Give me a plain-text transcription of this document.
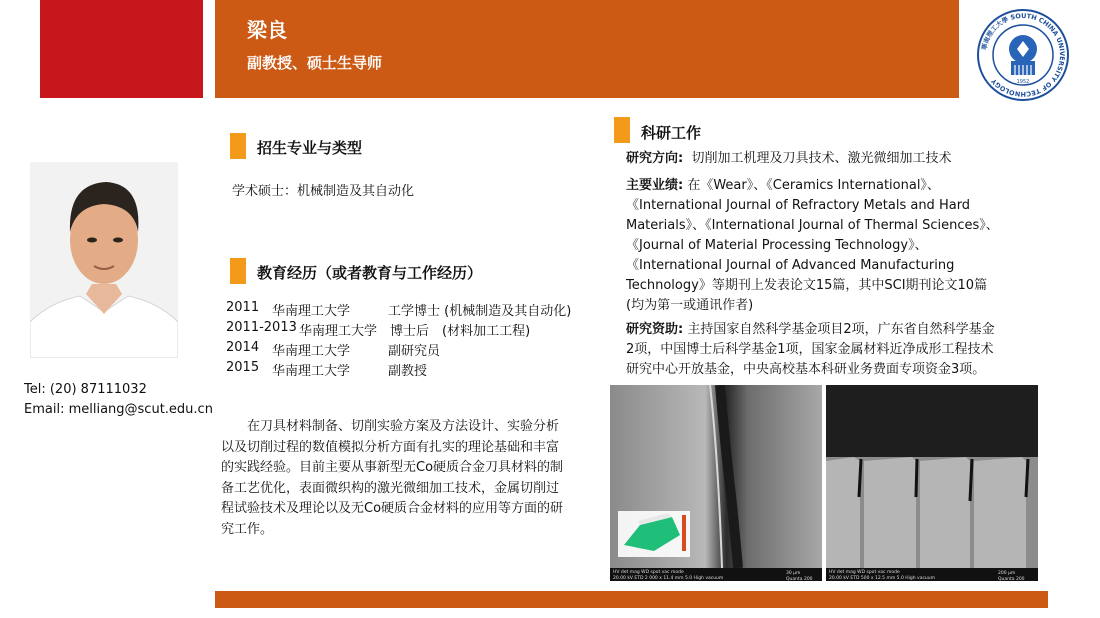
梁良
副教授、硕士生导师
華南理工大學 SOUTH CHINA UNIVERSITY OF TECHNOLOGY	1952
Tel: (20) 87111032
Email: melliang@scut.edu.cn
招生专业与类型
学术硕士：机械制造及其自动化
教育经历（或者教育与工作经历）
2011 华南理工大学	工学博士 (机械制造及其自动化)
2011-2013 华南理工大学 博士后　(材料加工工程)
2014 华南理工大学	副研究员
2015 华南理工大学	副教授
在刀具材料制备、切削实验方案及方法设计、实验分析以及切削过程的数值模拟分析方面有扎实的理论基础和丰富的实践经验。目前主要从事新型无Co硬质合金刀具材料的制备工艺优化，表面微织构的激光微细加工技术，金属切削过程试验技术及理论以及无Co硬质合金材料的应用等方面的研究工作。
科研工作
研究方向: 切削加工机理及刀具技术、激光微细加工技术
主要业绩: 在《Wear》、《Ceramics International》、
《International Journal of Refractory Metals and Hard
Materials》、《International Journal of Thermal Sciences》、
《Journal of Material Processing Technology》、
《International Journal of Advanced Manufacturing
Technology》等期刊上发表论文15篇，其中SCI期刊论文10篇
(均为第一或通讯作者)
研究资助: 主持国家自然科学基金项目2项，广东省自然科学基金
2项，中国博士后科学基金1项，国家金属材料近净成形工程技术
研究中心开放基金，中央高校基本科研业务费面专项资金3项。
HV det mag WD spot vac mode
20.00 kV ETD 2 000 x 11.4 mm 5.0 High vacuum
30 µm
Quanta 200
HV det mag WD spot vac mode
20.00 kV ETD 500 x 12.5 mm 5.0 High vacuum
200 µm
Quanta 200
